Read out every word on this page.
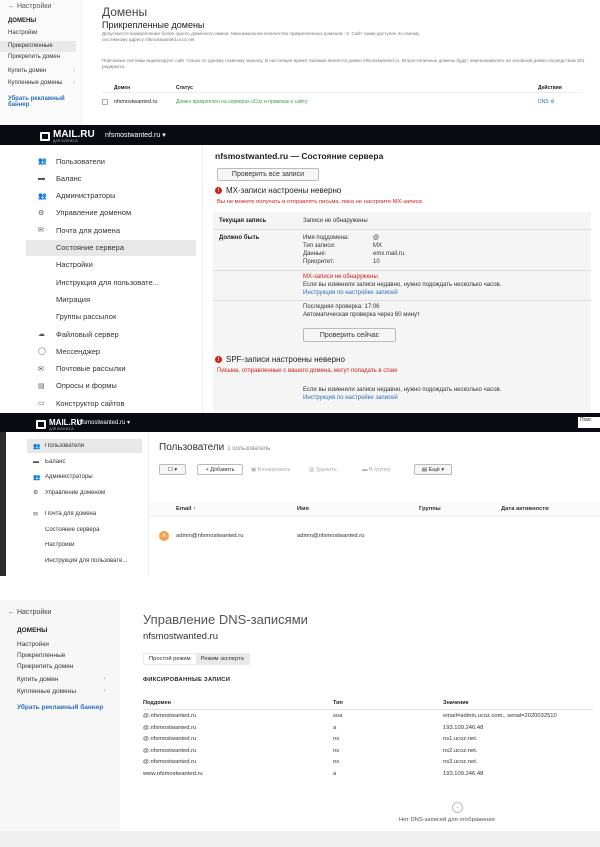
← Настройки
ДОМЕНЫ
Настройки
Прикрепленные
Прикрепить домен
Купить домен	›
Купленные домены ›
Убрать рекламный баннер
Домены
Прикрепленные домены
Допускается прикрепление более одного доменного имени. Максимальное количество прикрепленных доменов - 5. Сайт также доступен по своему системному адресу nfsmostwanted.ucoz.net
Поисковые системы индексируют сайт только по одному главному зеркалу. В настоящее время таковым является домен nfsmostwanted.ru. Второстепенные домены будут перенаправлять на основной домен посредством 301 редиректа.
Домен	Статус	Действия
nfsmostwanted.ru	Домен прикреплен на серверах uCoz и привязан к сайту	DNS ⚙
MAIL.RU
ДЛЯ БИЗНЕСА
nfsmostwanted.ru ▾
👥	Пользователи
▬	Баланс
👥	Администраторы
⚙	Управление доменом
✉	Почта для домена
Состояние сервера
Настройки
Инструкция для пользовате...
Миграция
Группы рассылок
☁	Файловый сервер
◯	Мессенджер
✉	Почтовые рассылки
▤	Опросы и формы
▭	Конструктор сайтов
nfsmostwanted.ru — Состояние сервера
Проверить все записи
! MX-записи настроены неверно
Вы не можете получать и отправлять письма, пока не настроите MX-записи.
Текущая запись	Записи не обнаружены
Должно быть	Имя поддомена:	@
Тип записи:	MX
Данные:	emx.mail.ru.
Приоритет:	10
MX-записи не обнаружены
Если вы изменили записи недавно, нужно подождать несколько часов.
Инструкция по настройке записей
Последняя проверка: 17:06
Автоматическая проверка через 60 минут
Проверить сейчас
! SPF-записи настроены неверно
Письма, отправленные с вашего домена, могут попадать в спам
Если вы изменили записи недавно, нужно подождать несколько часов.
Инструкция по настройке записей
MAIL.RU
ДЛЯ БИЗНЕСА
nfsmostwanted.ru ▾	Поис
👥 Пользователи
▬	Баланс
👥 Администраторы
⚙	Управление доменом
✉	Почта для домена
Состояние сервера
Настройки
Инструкция для пользовате...
Пользователи 1 пользователь
☐ ▾	+ Добавить	▣
Блокировать	▥
Удалить	▬
В группу	▤
Ещё ▾
Email ↑	Имя	Группы	Дата активности
A	admin@nfsmostwanted.ru	admin@nfsmostwanted.ru
← Настройки
ДОМЕНЫ
Настройки
Прикрепленные
Прикрепить домен
Купить домен	›
Купленные домены	›
Убрать рекламный баннер
Управление DNS-записями
nfsmostwanted.ru
Простой режим	Режим эксперта
ФИКСИРОВАННЫЕ ЗАПИСИ
Поддомен	Тип	Значение
@.nfsmostwanted.ru	soa	email=admin.ucoz.com., serial=2020032510
@.nfsmostwanted.ru	a	193.109.246.48
@.nfsmostwanted.ru	ns	ns1.ucoz.net.
@.nfsmostwanted.ru	ns	ns2.ucoz.net.
@.nfsmostwanted.ru	ns	ns3.ucoz.net.
www.nfsmostwanted.ru	a	193.109.246.48
–
Нет DNS-записей для отображения
